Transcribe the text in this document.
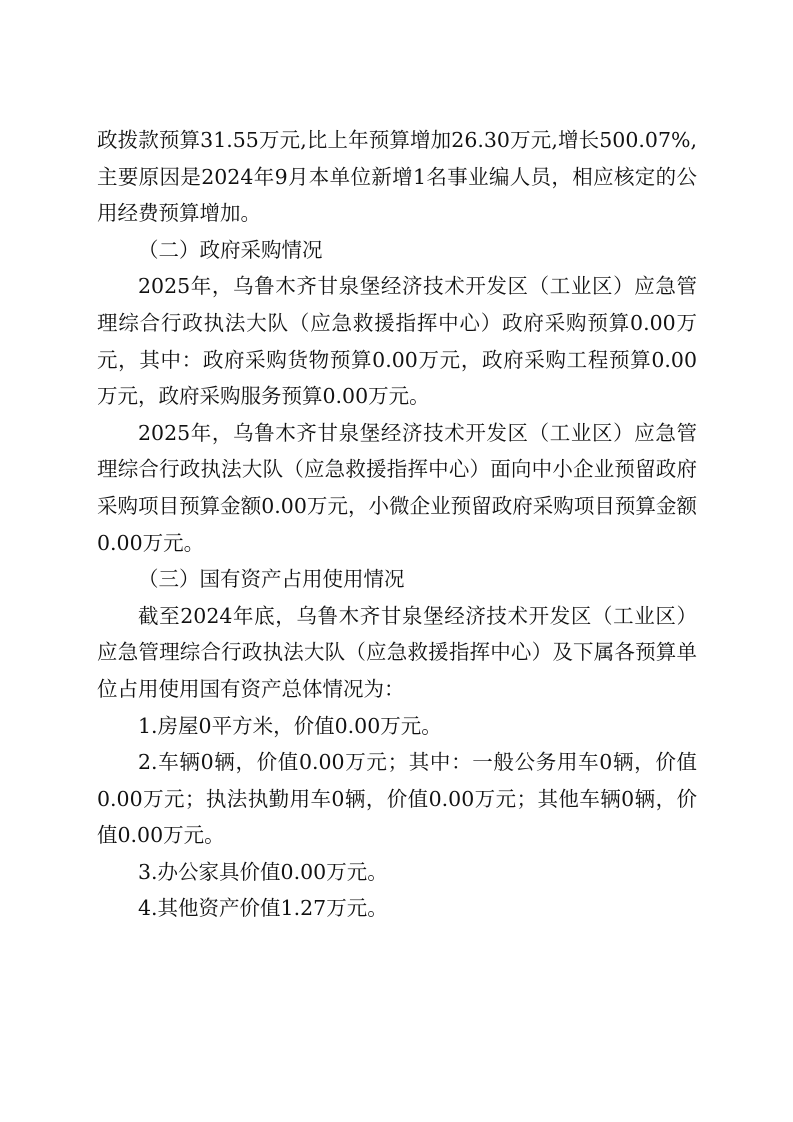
政拨款预算31.55万元,比上年预算增加26.30万元,增长500.07%,主要原因是2024年9月本单位新增1名事业编人员，相应核定的公用经费预算增加。

（二）政府采购情况

2025年，乌鲁木齐甘泉堡经济技术开发区（工业区）应急管理综合行政执法大队（应急救援指挥中心）政府采购预算0.00万元，其中：政府采购货物预算0.00万元，政府采购工程预算0.00万元，政府采购服务预算0.00万元。

2025年，乌鲁木齐甘泉堡经济技术开发区（工业区）应急管理综合行政执法大队（应急救援指挥中心）面向中小企业预留政府采购项目预算金额0.00万元，小微企业预留政府采购项目预算金额0.00万元。

（三）国有资产占用使用情况

截至2024年底，乌鲁木齐甘泉堡经济技术开发区（工业区）应急管理综合行政执法大队（应急救援指挥中心）及下属各预算单位占用使用国有资产总体情况为：

1.房屋0平方米，价值0.00万元。

2.车辆0辆，价值0.00万元；其中：一般公务用车0辆，价值0.00万元；执法执勤用车0辆，价值0.00万元；其他车辆0辆，价值0.00万元。

3.办公家具价值0.00万元。

4.其他资产价值1.27万元。
